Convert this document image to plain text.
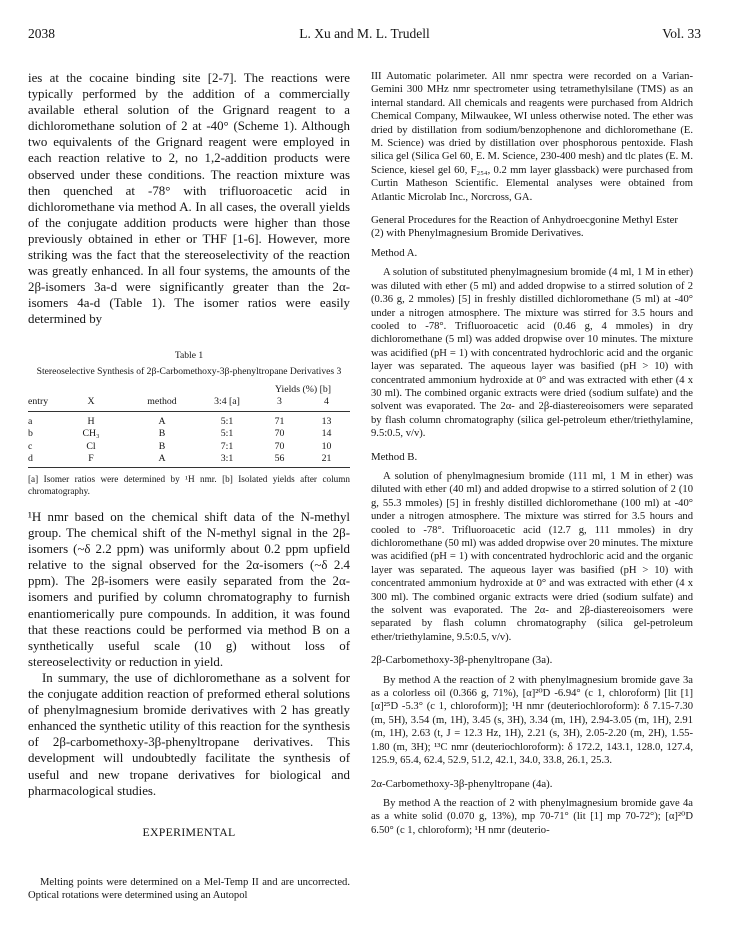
2038	L. Xu and M. L. Trudell	Vol. 33

ies at the cocaine binding site [2-7]. The reactions were typically performed by the addition of a commercially available etheral solution of the Grignard reagent to a dichloromethane solution of 2 at -40° (Scheme 1). Although two equivalents of the Grignard reagent were employed in each reaction relative to 2, no 1,2-addition products were observed under these conditions. The reaction mixture was then quenched at -78° with trifluoroacetic acid in dichloromethane via method A. In all cases, the overall yields of the conjugate addition products were higher than those previously obtained in ether or THF [1-6]. However, more striking was the fact that the stereoselectivity of the reaction was greatly enhanced. In all four systems, the amounts of the 2β-isomers 3a-d were significantly greater than the 2α-isomers 4a-d (Table 1). The isomer ratios were easily determined by

Table 1
Stereoselective Synthesis of 2β-Carbomethoxy-3β-phenyltropane Derivatives 3
				Yields (%) [b]	
entry	X	method	3:4 [a]	3	4
a	H	A	5:1	71	13
b	CH₃	B	5:1	70	14
c	Cl	B	7:1	70	10
d	F	A	3:1	56	21

[a] Isomer ratios were determined by ¹H nmr. [b] Isolated yields after column chromatography.

¹H nmr based on the chemical shift data of the N-methyl group. The chemical shift of the N-methyl signal in the 2β-isomers (~δ 2.2 ppm) was uniformly about 0.2 ppm upfield relative to the signal observed for the 2α-isomers (~δ 2.4 ppm). The 2β-isomers were easily separated from the 2α-isomers and purified by column chromatography to furnish enantiomerically pure compounds. In addition, it was found that these reactions could be performed via method B on a synthetically useful scale (10 g) without loss of stereoselectivity or reduction in yield.

In summary, the use of dichloromethane as a solvent for the conjugate addition reaction of preformed etheral solutions of phenylmagnesium bromide derivatives with 2 has greatly enhanced the synthetic utility of this reaction for the synthesis of 2β-carbomethoxy-3β-phenyltropane derivatives. This development will undoubtedly facilitate the synthesis of useful and new tropane derivatives for biological and pharmacological studies.

EXPERIMENTAL

Melting points were determined on a Mel-Temp II and are uncorrected. Optical rotations were determined using an Autopol

III Automatic polarimeter. All nmr spectra were recorded on a Varian-Gemini 300 MHz nmr spectrometer using tetramethylsilane (TMS) as an internal standard. All chemicals and reagents were purchased from Aldrich Chemical Company, Milwaukee, WI unless otherwise noted. The ether was dried by distillation from sodium/benzophenone and dichloromethane (E. M. Science) was dried by distillation over phosphorous pentoxide. Flash silica gel (Silica Gel 60, E. M. Science, 230-400 mesh) and tlc plates (E. M. Science, kiesel gel 60, F₂₅₄, 0.2 mm layer glassback) were purchased from Curtin Matheson Scientific. Elemental analyses were obtained from Atlantic Microlab Inc., Norcross, GA.

General Procedures for the Reaction of Anhydroecgonine Methyl Ester (2) with Phenylmagnesium Bromide Derivatives.

Method A.

A solution of substituted phenylmagnesium bromide (4 ml, 1 M in ether) was diluted with ether (5 ml) and added dropwise to a stirred solution of 2 (0.36 g, 2 mmoles) [5] in freshly distilled dichloromethane (5 ml) at -40° under a nitrogen atmosphere. The mixture was stirred for 3.5 hours and cooled to -78°. Trifluoroacetic acid (0.46 g, 4 mmoles) in dry dichloromethane (5 ml) was added dropwise over 10 minutes. The mixture was acidified (pH = 1) with concentrated hydrochloric acid and the organic layer was separated. The aqueous layer was basified (pH > 10) with concentrated ammonium hydroxide at 0° and was extracted with ether (4 x 30 ml). The combined organic extracts were dried (sodium sulfate) and the solvent was evaporated. The 2α- and 2β-diastereoisomers were separated by flash column chromatography (silica gel-petroleum ether/triethylamine, 9.5:0.5, v/v).

Method B.

A solution of phenylmagnesium bromide (111 ml, 1 M in ether) was diluted with ether (40 ml) and added dropwise to a stirred solution of 2 (10 g, 55.3 mmoles) [5] in freshly distilled dichloromethane (100 ml) at -40° under a nitrogen atmosphere. The mixture was stirred for 3.5 hours and cooled to -78°. Trifluoroacetic acid (12.7 g, 111 mmoles) in dry dichloromethane (50 ml) was added dropwise over 20 minutes. The mixture was acidified (pH = 1) with concentrated hydrochloric acid and the organic layer was separated. The aqueous layer was basified (pH > 10) with concentrated ammonium hydroxide at 0° and was extracted with ether (4 x 300 ml). The combined organic extracts were dried (sodium sulfate) and the solvent was evaporated. The 2α- and 2β-diastereoisomers were separated by flash column chromatography (silica gel-petroleum ether/triethylamine, 9.5:0.5, v/v).

2β-Carbomethoxy-3β-phenyltropane (3a).

By method A the reaction of 2 with phenylmagnesium bromide gave 3a as a colorless oil (0.366 g, 71%), [α]²⁰D -6.94° (c 1, chloroform) [lit [1] [α]²⁵D -5.3° (c 1, chloroform)]; ¹H nmr (deuteriochloroform): δ 7.15-7.30 (m, 5H), 3.54 (m, 1H), 3.45 (s, 3H), 3.34 (m, 1H), 2.94-3.05 (m, 1H), 2.91 (m, 1H), 2.63 (t, J = 12.3 Hz, 1H), 2.21 (s, 3H), 2.05-2.20 (m, 2H), 1.55-1.80 (m, 3H); ¹³C nmr (deuteriochloroform): δ 172.2, 143.1, 128.0, 127.4, 125.9, 65.4, 62.4, 52.9, 51.2, 42.1, 34.0, 33.8, 26.1, 25.3.

2α-Carbomethoxy-3β-phenyltropane (4a).

By method A the reaction of 2 with phenylmagnesium bromide gave 4a as a white solid (0.070 g, 13%), mp 70-71° (lit [1] mp 70-72°); [α]²⁰D 6.50° (c 1, chloroform); ¹H nmr (deuterio-
